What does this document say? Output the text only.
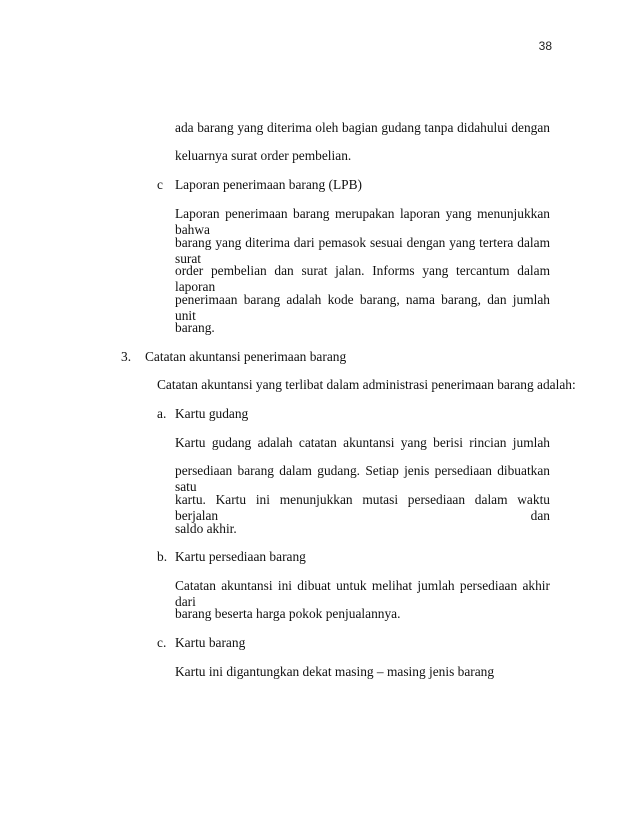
38
ada barang yang diterima oleh bagian gudang tanpa didahului dengan
keluarnya surat order pembelian.
c Laporan penerimaan barang (LPB)
Laporan penerimaan barang merupakan laporan yang menunjukkan bahwa
barang yang diterima dari pemasok sesuai dengan yang tertera dalam surat
order pembelian dan surat jalan. Informs yang tercantum dalam laporan
penerimaan barang adalah kode barang, nama barang, dan jumlah unit
barang.
3. Catatan akuntansi penerimaan barang
Catatan akuntansi yang terlibat dalam administrasi penerimaan barang adalah:
a. Kartu gudang
Kartu gudang adalah catatan akuntansi yang berisi rincian jumlah
persediaan barang dalam gudang. Setiap jenis persediaan dibuatkan satu
kartu. Kartu ini menunjukkan mutasi persediaan dalam waktu berjalan dan
saldo akhir.
b. Kartu persediaan barang
Catatan akuntansi ini dibuat untuk melihat jumlah persediaan akhir dari
barang beserta harga pokok penjualannya.
c. Kartu barang
Kartu ini digantungkan dekat masing – masing jenis barang
